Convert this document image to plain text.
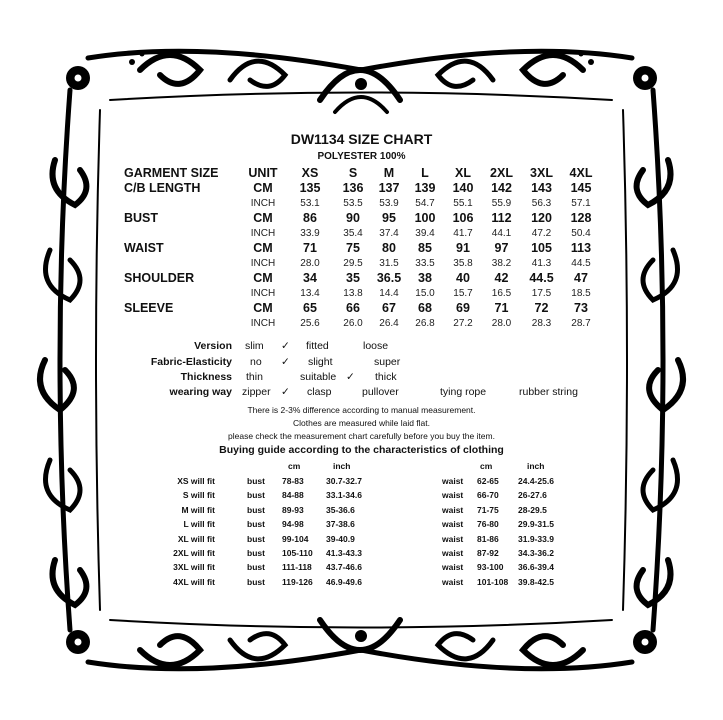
DW1134 SIZE CHART
POLYESTER 100%
GARMENT SIZE	UNIT	XS	S	M	L	XL	2XL	3XL	4XL
C/B LENGTH	CM	135	136	137	139	140	142	143	145
	INCH	53.1	53.5	53.9	54.7	55.1	55.9	56.3	57.1
BUST	CM	86	90	95	100	106	112	120	128
	INCH	33.9	35.4	37.4	39.4	41.7	44.1	47.2	50.4
WAIST	CM	71	75	80	85	91	97	105	113
	INCH	28.0	29.5	31.5	33.5	35.8	38.2	41.3	44.5
SHOULDER	CM	34	35	36.5	38	40	42	44.5	47
	INCH	13.4	13.8	14.4	15.0	15.7	16.5	17.5	18.5
SLEEVE	CM	65	66	67	68	69	71	72	73
	INCH	25.6	26.0	26.4	26.8	27.2	28.0	28.3	28.7
Version slim ✓ fitted	loose
Fabric-Elasticity no ✓ slight	super
Thickness thin	suitable ✓ thick
wearing way zipper ✓ clasp	pullover	tying rope	rubber string
There is 2-3% difference according to manual measurement.
Clothes are measured while laid flat.
please check the measurement chart carefully before you buy the item.
Buying guide according to the characteristics of clothing
cm	inch	cm	inch
XS will fit	bust 78-83	30.7-32.7	waist 62-65 24.4-25.6
S will fit	bust 84-88	33.1-34.6	waist 66-70 26-27.6
M will fit	bust 89-93	35-36.6	waist 71-75 28-29.5
L will fit	bust 94-98	37-38.6	waist 76-80 29.9-31.5
XL will fit	bust 99-104 39-40.9	waist 81-86 31.9-33.9
2XL will fit	bust 105-110 41.3-43.3	waist 87-92 34.3-36.2
3XL will fit	bust 111-118 43.7-46.6	waist 93-100 36.6-39.4
4XL will fit	bust 119-126 46.9-49.6	waist 101-108 39.8-42.5
